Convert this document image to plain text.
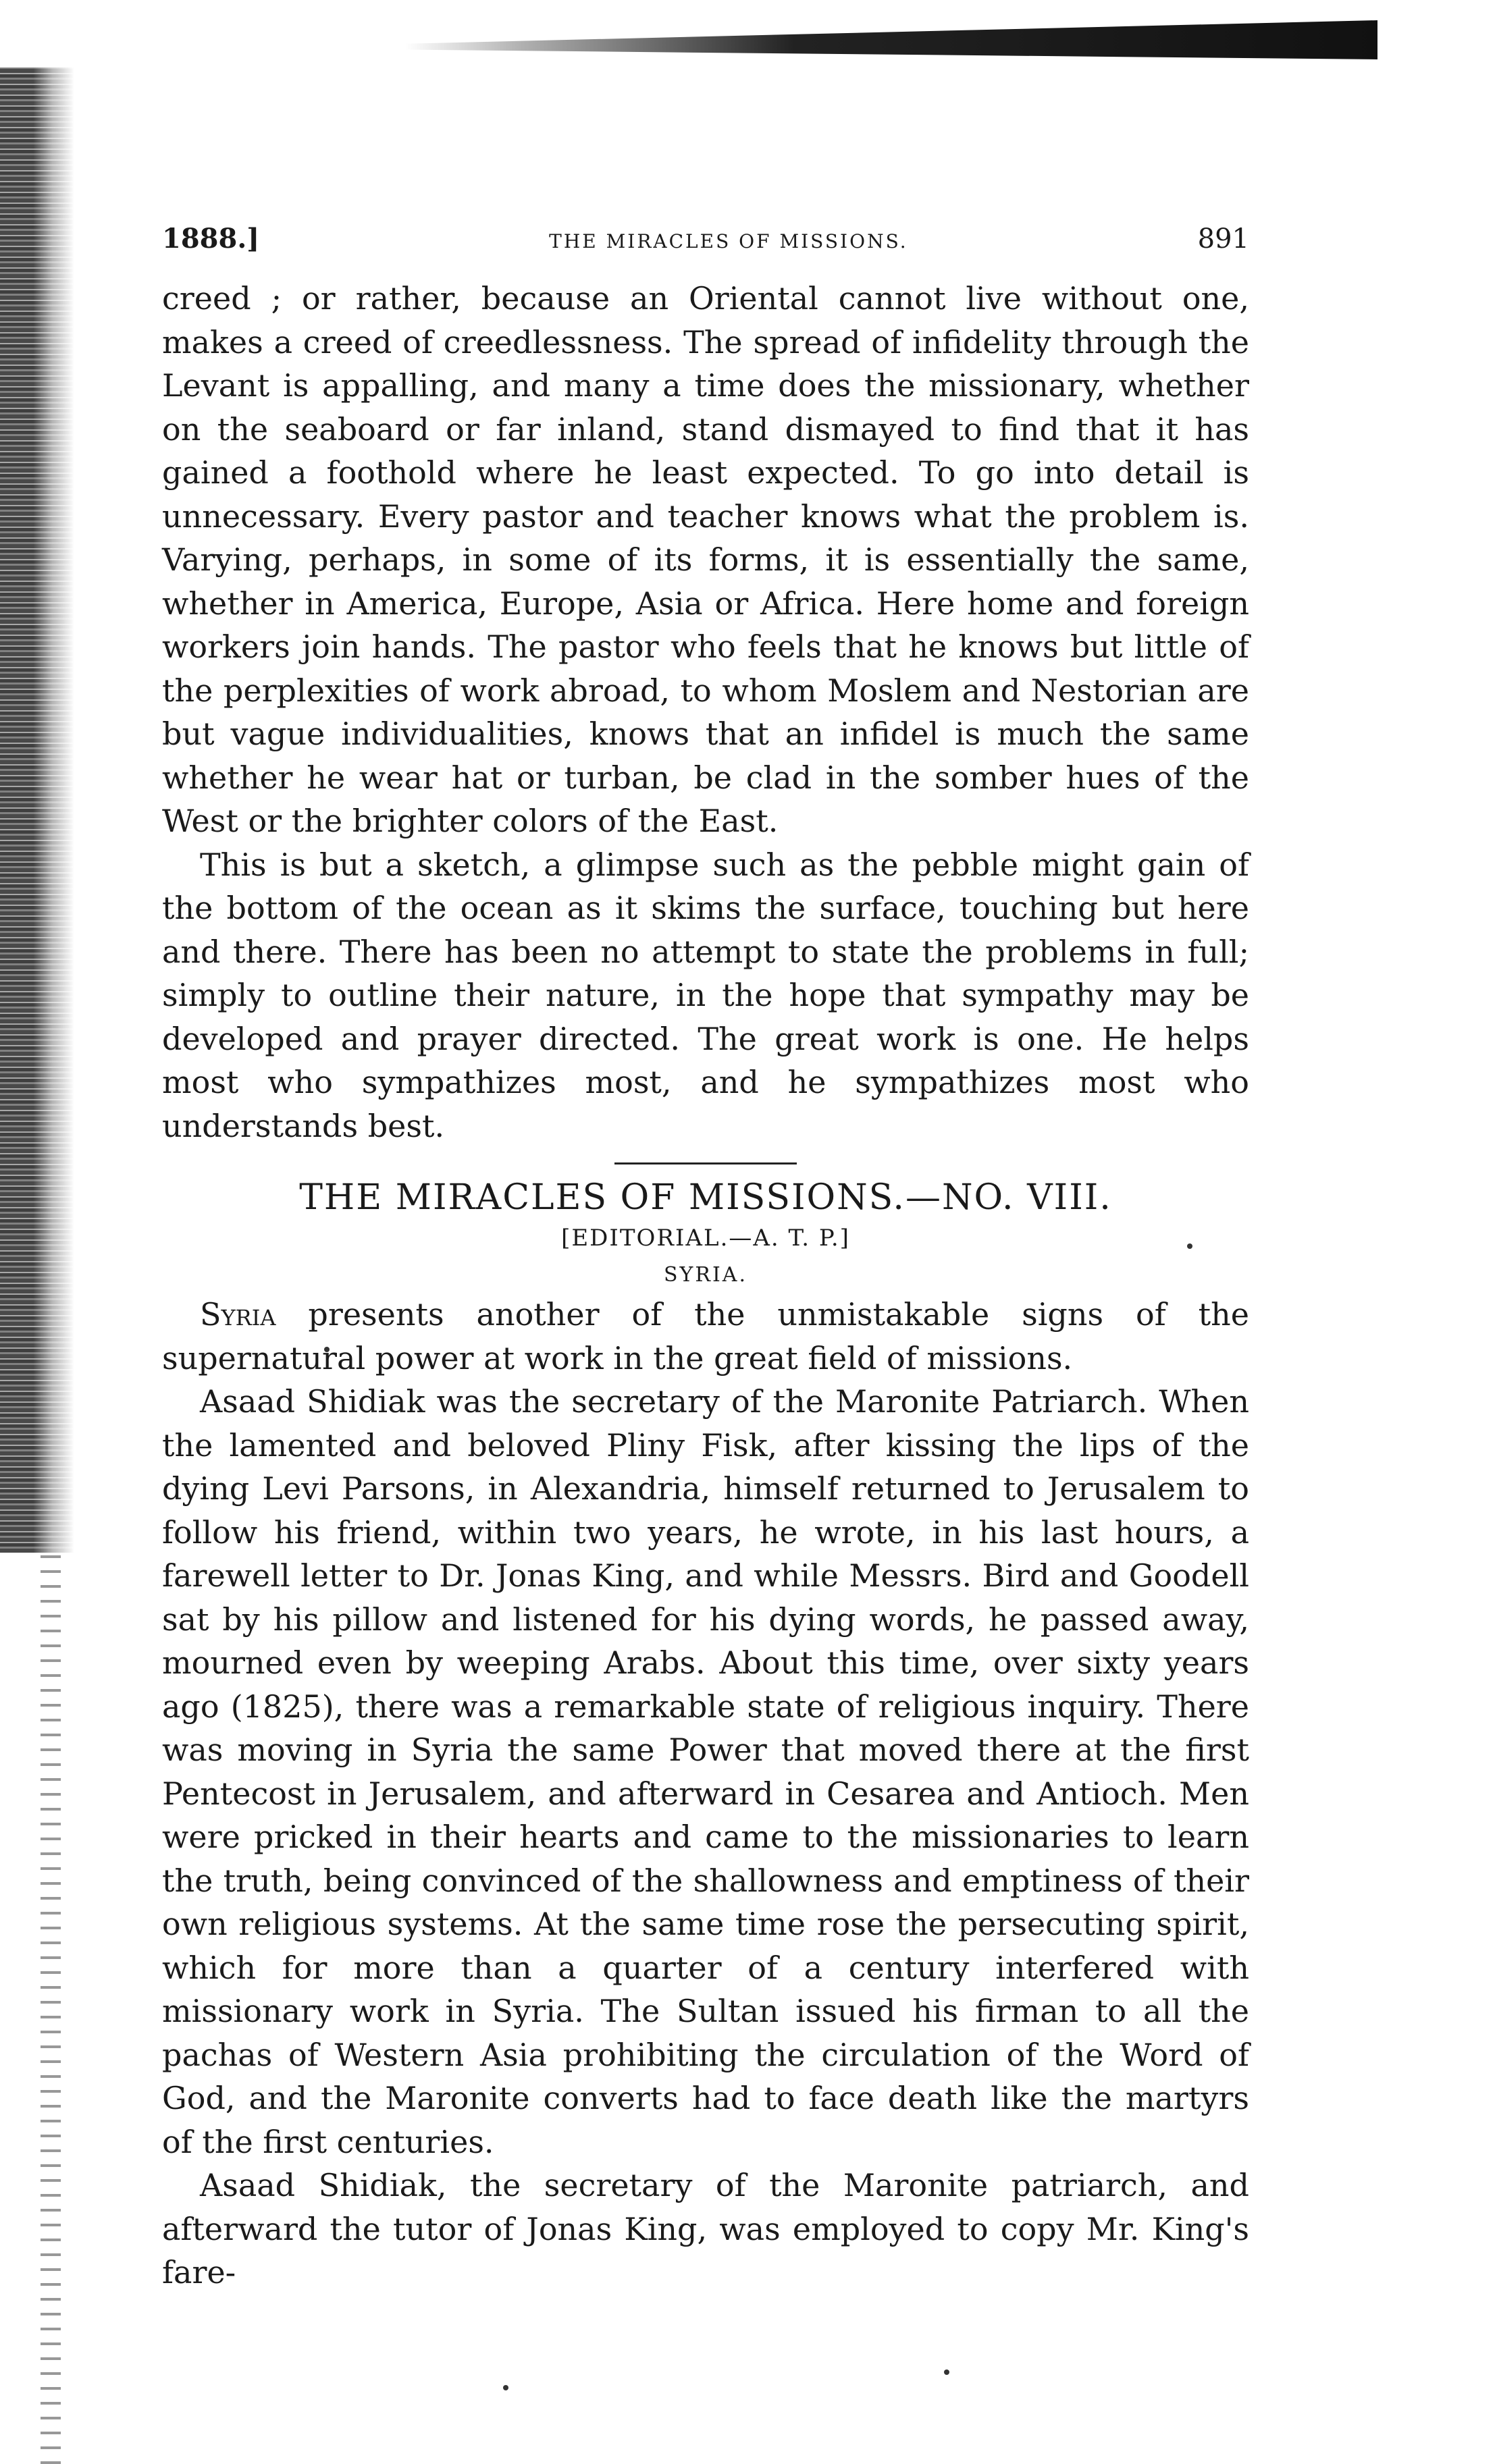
1888.]	THE MIRACLES OF MISSIONS.	891

creed ; or rather, because an Oriental cannot live without one, makes a creed of creedlessness. The spread of infidelity through the Levant is appalling, and many a time does the missionary, whether on the seaboard or far inland, stand dismayed to find that it has gained a foothold where he least expected. To go into detail is unnecessary. Every pastor and teacher knows what the problem is. Varying, perhaps, in some of its forms, it is essentially the same, whether in America, Europe, Asia or Africa. Here home and foreign workers join hands. The pastor who feels that he knows but little of the perplexities of work abroad, to whom Moslem and Nestorian are but vague individualities, knows that an infidel is much the same whether he wear hat or turban, be clad in the somber hues of the West or the brighter colors of the East.

This is but a sketch, a glimpse such as the pebble might gain of the bottom of the ocean as it skims the surface, touching but here and there. There has been no attempt to state the problems in full; simply to outline their nature, in the hope that sympathy may be developed and prayer directed. The great work is one. He helps most who sympathizes most, and he sympathizes most who understands best.

THE MIRACLES OF MISSIONS.—NO. VIII.
[EDITORIAL.—A. T. P.]
SYRIA.

Syria presents another of the unmistakable signs of the supernatural power at work in the great field of missions.

Asaad Shidiak was the secretary of the Maronite Patriarch. When the lamented and beloved Pliny Fisk, after kissing the lips of the dying Levi Parsons, in Alexandria, himself returned to Jerusalem to follow his friend, within two years, he wrote, in his last hours, a farewell letter to Dr. Jonas King, and while Messrs. Bird and Goodell sat by his pillow and listened for his dying words, he passed away, mourned even by weeping Arabs. About this time, over sixty years ago (1825), there was a remarkable state of religious inquiry. There was moving in Syria the same Power that moved there at the first Pentecost in Jerusalem, and afterward in Cesarea and Antioch. Men were pricked in their hearts and came to the missionaries to learn the truth, being convinced of the shallowness and emptiness of their own religious systems. At the same time rose the persecuting spirit, which for more than a quarter of a century interfered with missionary work in Syria. The Sultan issued his firman to all the pachas of Western Asia prohibiting the circulation of the Word of God, and the Maronite converts had to face death like the martyrs of the first centuries.

Asaad Shidiak, the secretary of the Maronite patriarch, and afterward the tutor of Jonas King, was employed to copy Mr. King's fare-
